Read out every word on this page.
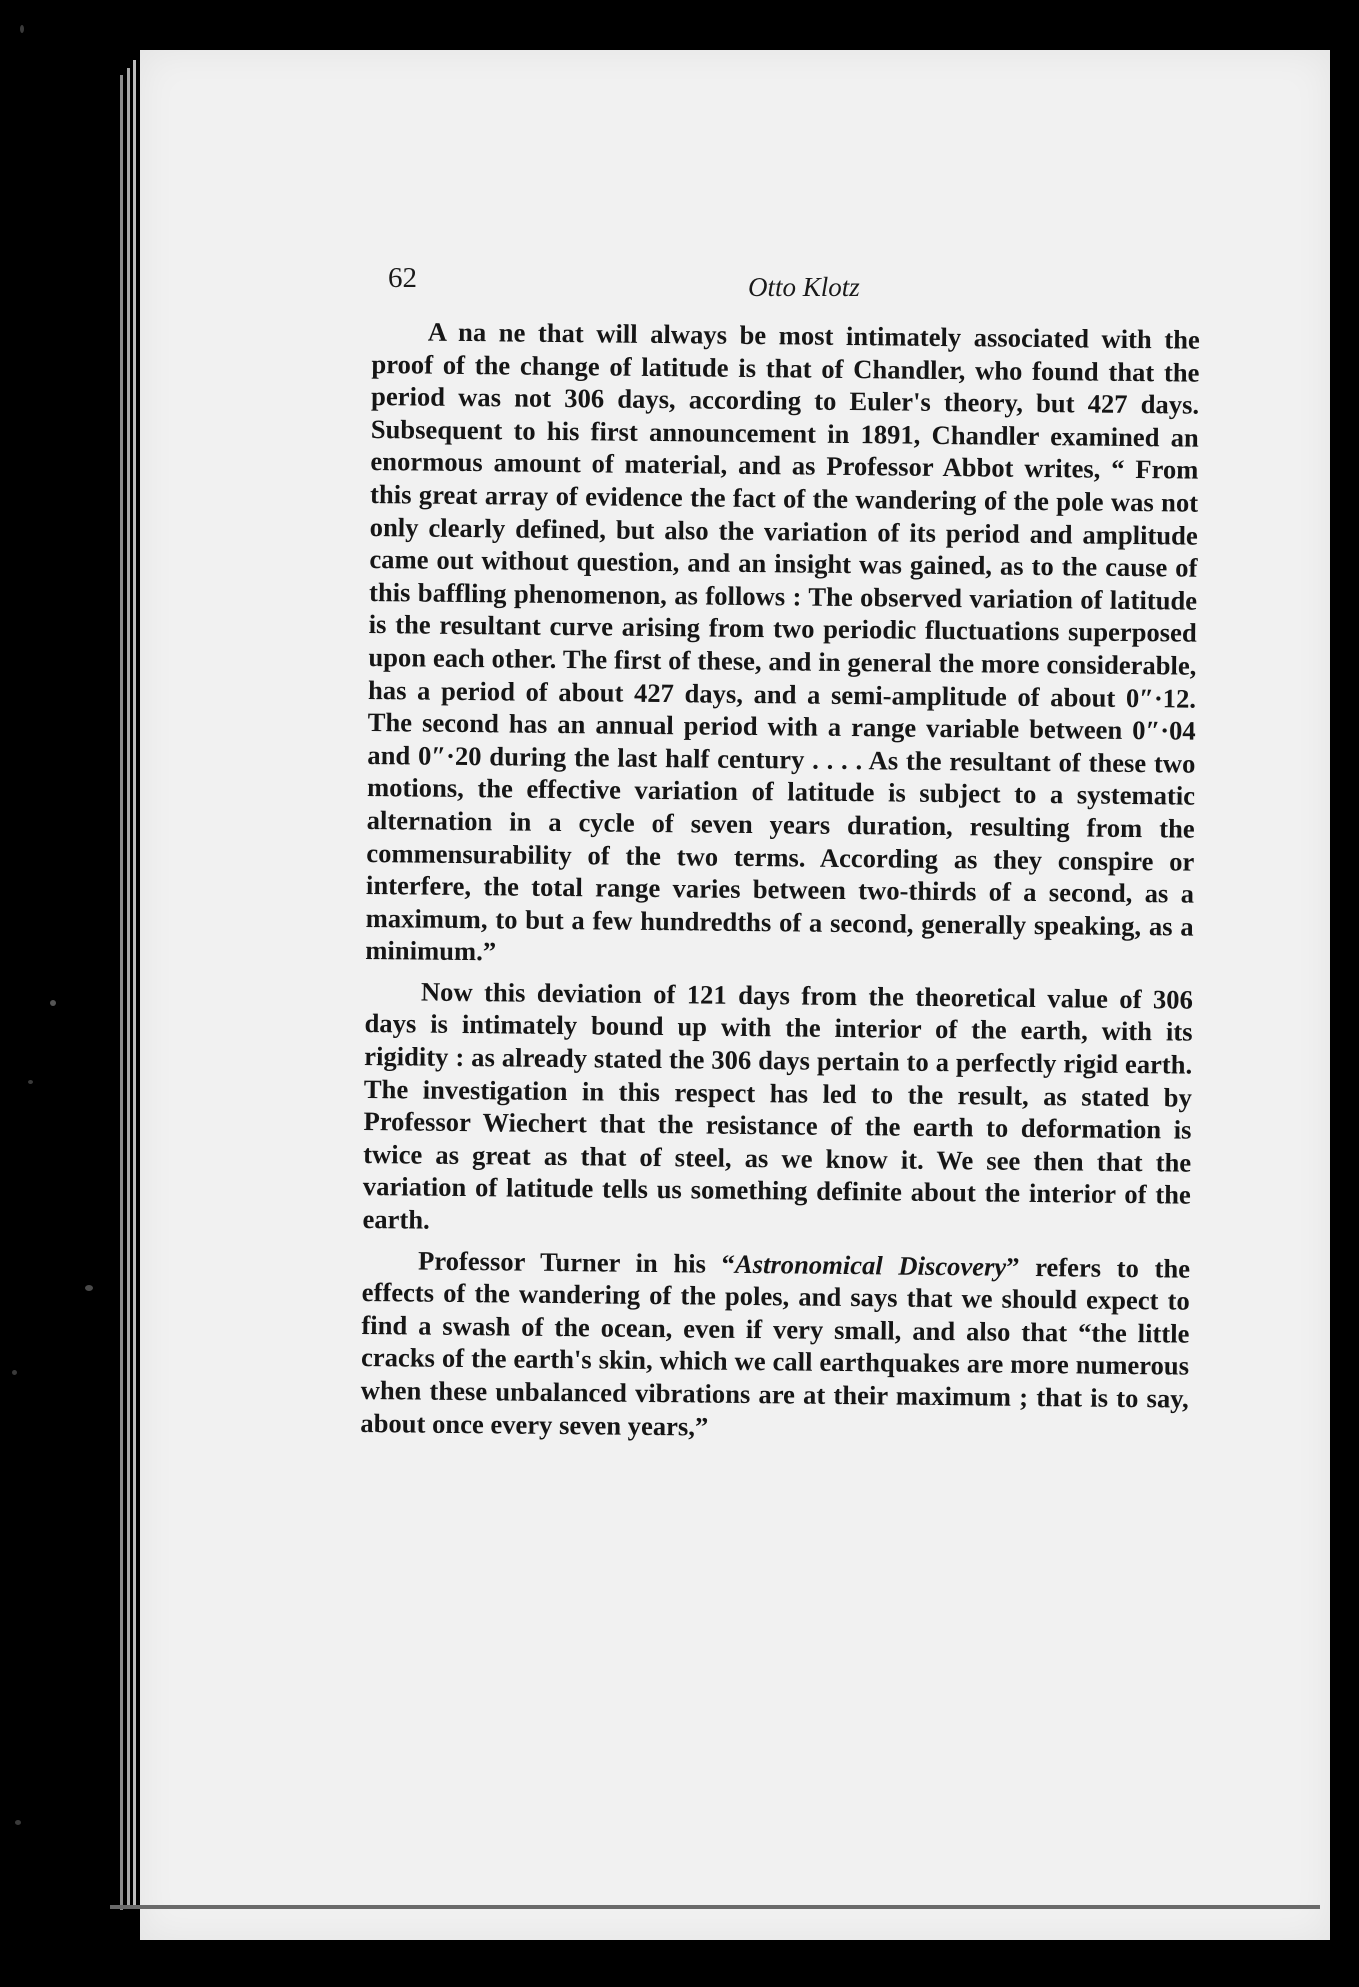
62	Otto Klotz

A na ne that will always be most intimately associated with the proof of the change of latitude is that of Chandler, who found that the period was not 306 days, according to Euler's theory, but 427 days. Subsequent to his first announcement in 1891, Chandler examined an enormous amount of material, and as Professor Abbot writes, “ From this great array of evidence the fact of the wandering of the pole was not only clearly defined, but also the variation of its period and amplitude came out without question, and an insight was gained, as to the cause of this baffling phenomenon, as follows : The observed variation of latitude is the resultant curve arising from two periodic fluctuations superposed upon each other. The first of these, and in general the more considerable, has a period of about 427 days, and a semi-amplitude of about 0″·12. The second has an annual period with a range variable between 0″·04 and 0″·20 during the last half century . . . . As the resultant of these two motions, the effective variation of latitude is subject to a systematic alternation in a cycle of seven years duration, resulting from the commensurability of the two terms. According as they conspire or interfere, the total range varies between two-thirds of a second, as a maximum, to but a few hundredths of a second, generally speaking, as a minimum.”

Now this deviation of 121 days from the theoretical value of 306 days is intimately bound up with the interior of the earth, with its rigidity : as already stated the 306 days pertain to a perfectly rigid earth. The investigation in this respect has led to the result, as stated by Professor Wiechert that the resistance of the earth to deformation is twice as great as that of steel, as we know it. We see then that the variation of latitude tells us something definite about the interior of the earth.

Professor Turner in his “Astronomical Discovery” refers to the effects of the wandering of the poles, and says that we should expect to find a swash of the ocean, even if very small, and also that “the little cracks of the earth's skin, which we call earthquakes are more numerous when these unbalanced vibrations are at their maximum ; that is to say, about once every seven years,”
